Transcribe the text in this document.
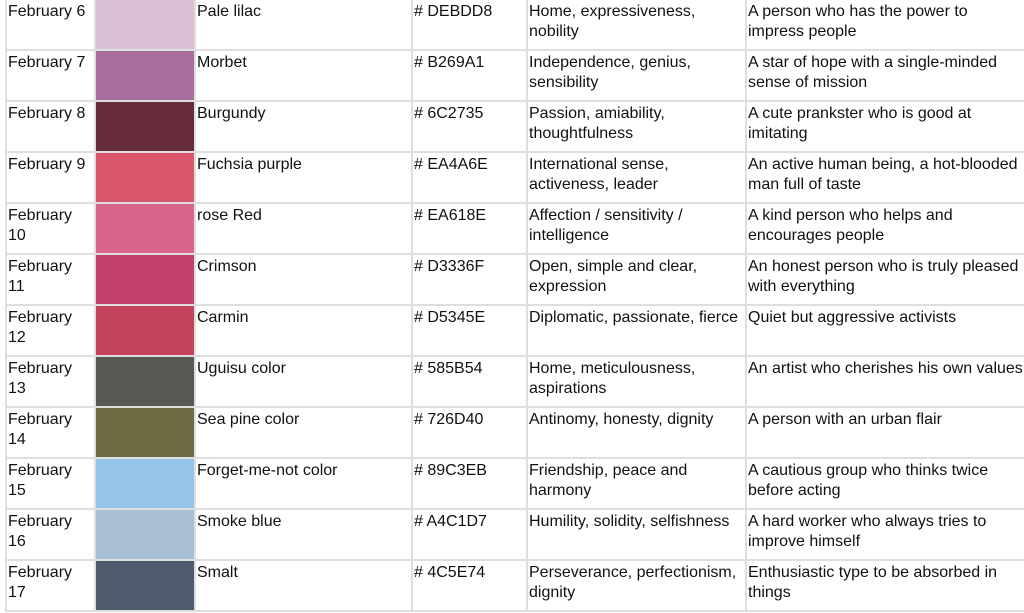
February 6		Pale lilac	# DEBDD8	Home, expressiveness, nobility	A person who has the power to impress people
February 7		Morbet	# B269A1	Independence, genius, sensibility	A star of hope with a single-minded sense of mission
February 8		Burgundy	# 6C2735	Passion, amiability, thoughtfulness	A cute prankster who is good at imitating
February 9		Fuchsia purple	# EA4A6E	International sense, activeness, leader	An active human being, a hot-blooded man full of taste
February 10		rose Red	# EA618E	Affection / sensitivity / intelligence	A kind person who helps and encourages people
February 11		Crimson	# D3336F	Open, simple and clear, expression	An honest person who is truly pleased with everything
February 12		Carmin	# D5345E	Diplomatic, passionate, fierce	Quiet but aggressive activists
February 13		Uguisu color	# 585B54	Home, meticulousness, aspirations	An artist who cherishes his own values
February 14		Sea pine color	# 726D40	Antinomy, honesty, dignity	A person with an urban flair
February 15		Forget-me-not color	# 89C3EB	Friendship, peace and harmony	A cautious group who thinks twice before acting
February 16		Smoke blue	# A4C1D7	Humility, solidity, selfishness	A hard worker who always tries to improve himself
February 17		Smalt	# 4C5E74	Perseverance, perfectionism, dignity	Enthusiastic type to be absorbed in things
